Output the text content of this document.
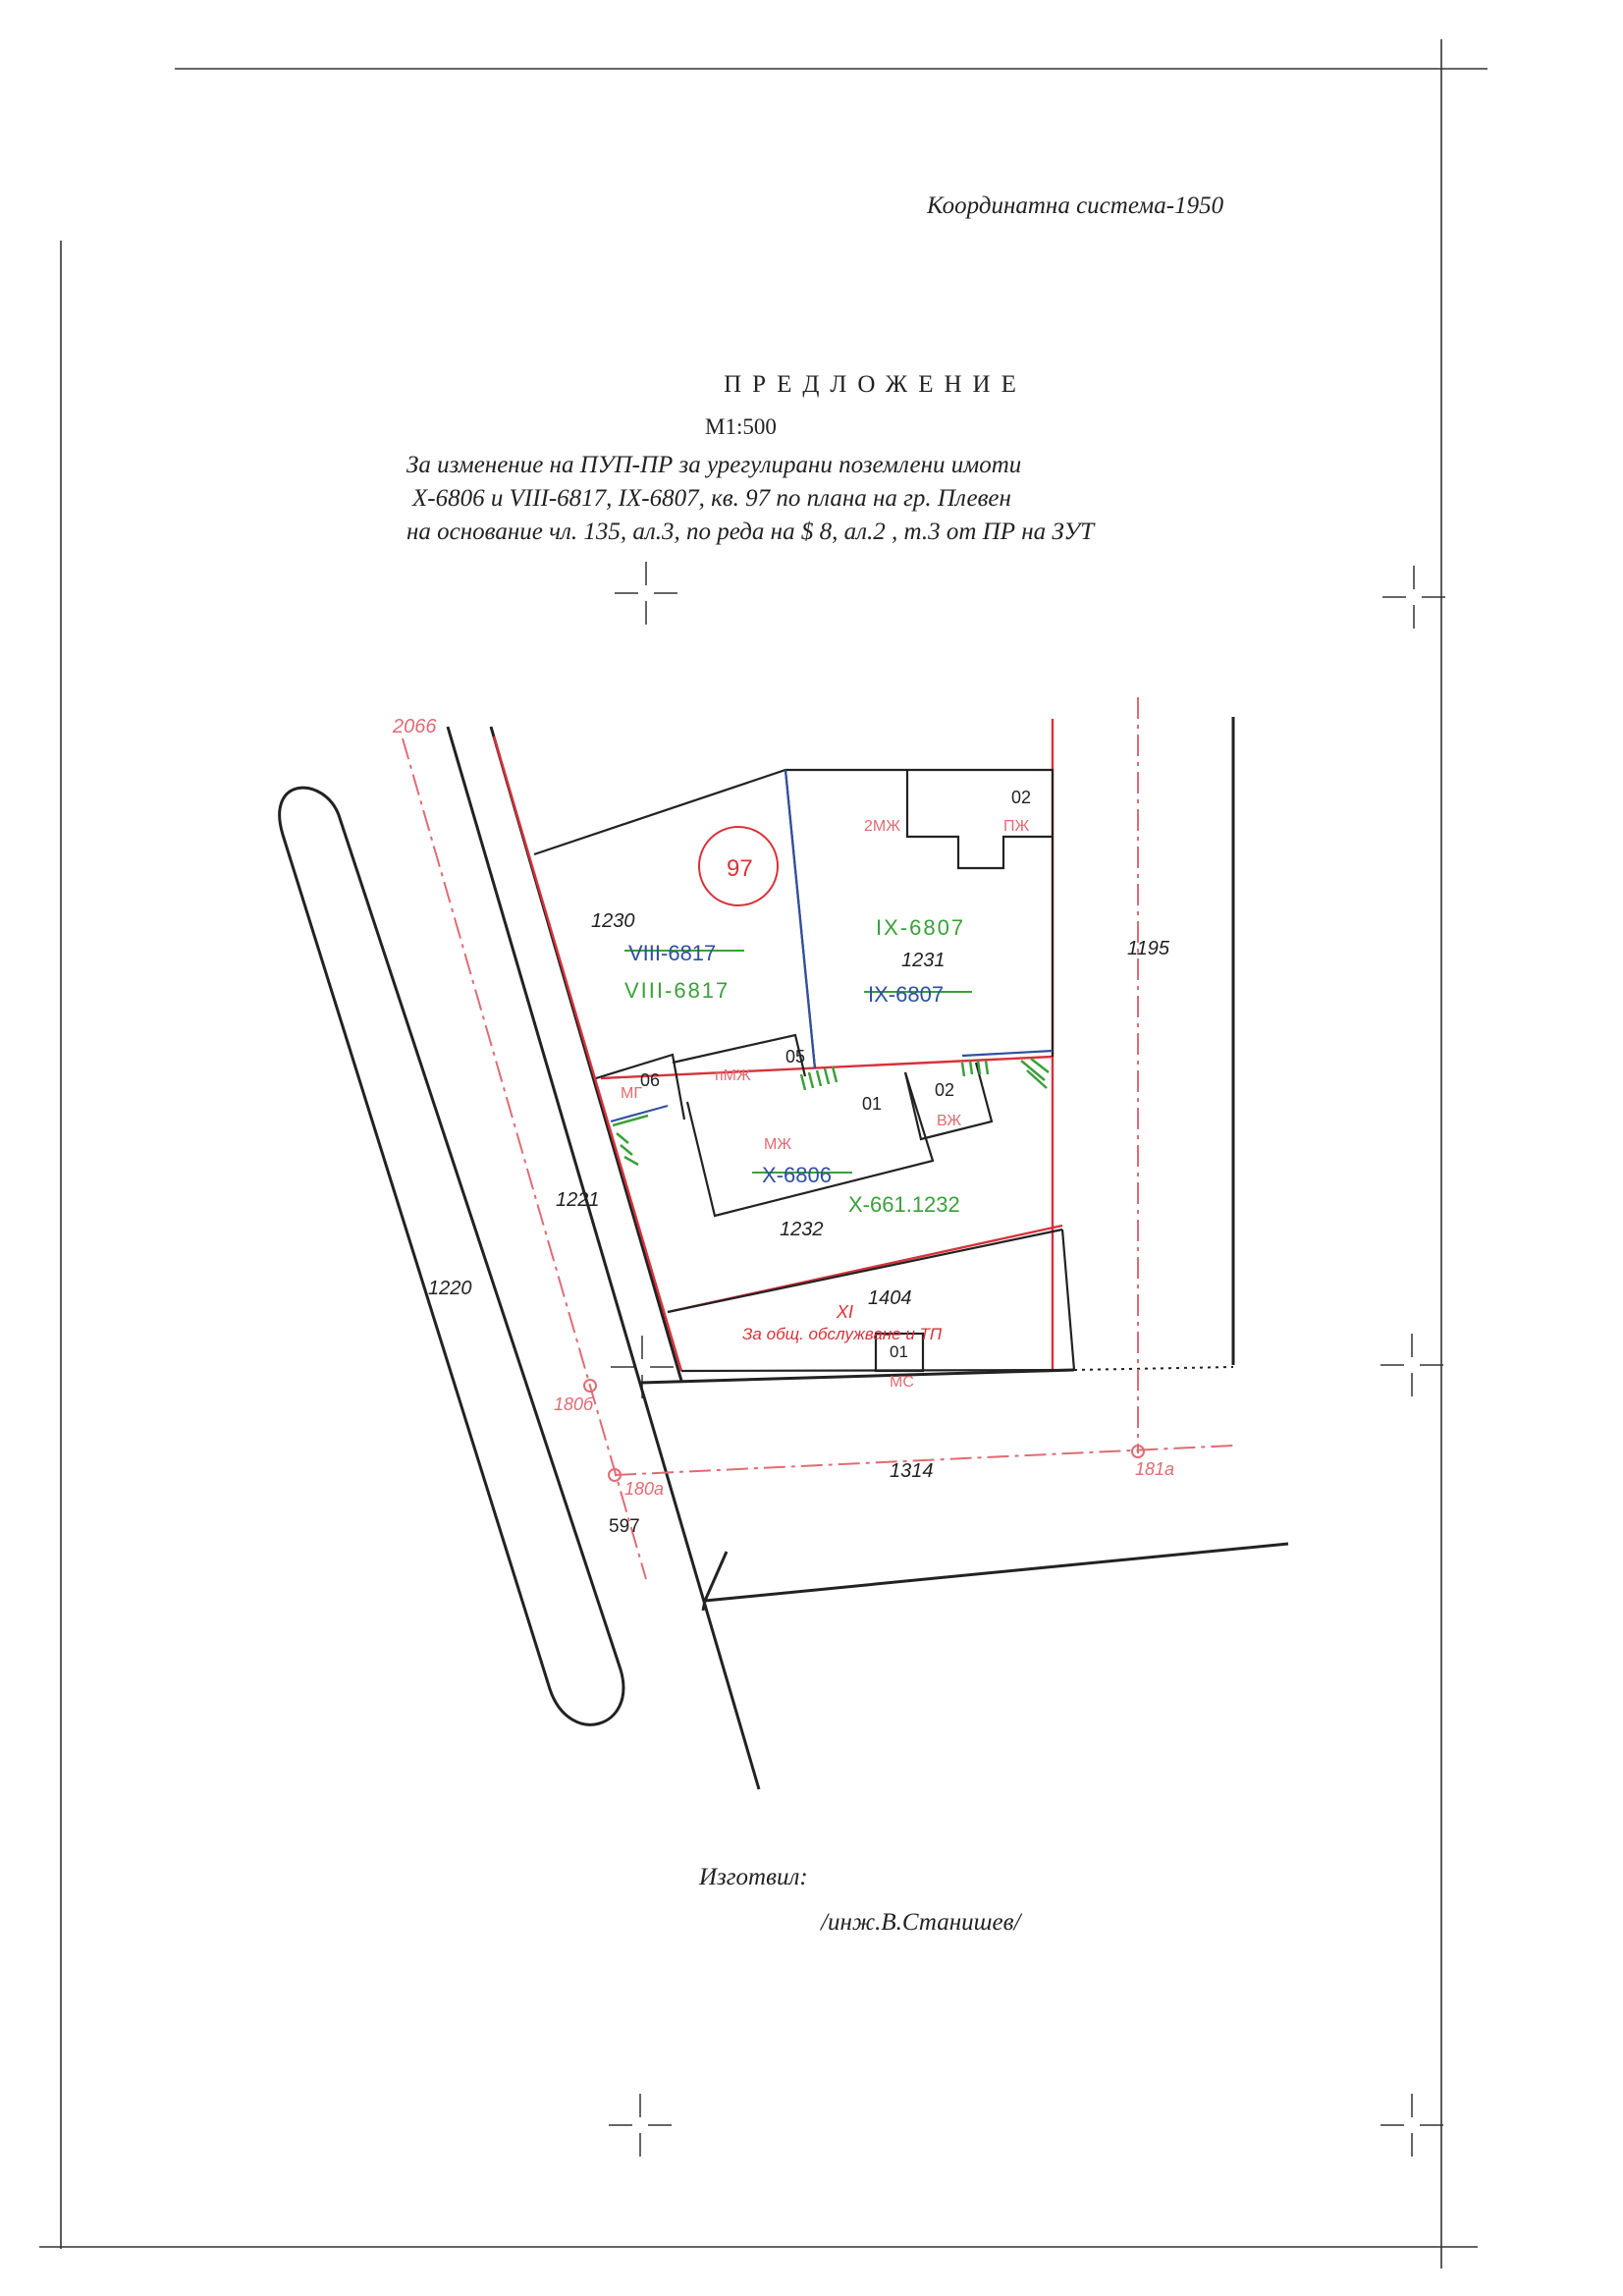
97
1230
1231
1232
1195
1220
1221
1404
1314
597
2066
VIII-6817
VIII-6817
IX-6807
IX-6807
X-6806
X-661.1232
XI
За общ. обслужване и ТП
02
01
02
05
06
01
2МЖ	ПЖ
МЖ
ВЖ
пМЖ
МГ
МС
180б
180а
181а
Координатна система-1950
ПРЕДЛОЖЕНИЕ
М1:500
За изменение на ПУП-ПР за урегулирани поземлени имоти
Х-6806 и VIII-6817, IX-6807, кв. 97 по плана на гр. Плевен
на основание чл. 135, ал.3, по реда на $ 8, ал.2 , т.3 от ПР на ЗУТ
Изготвил:
/инж.В.Станишев/
